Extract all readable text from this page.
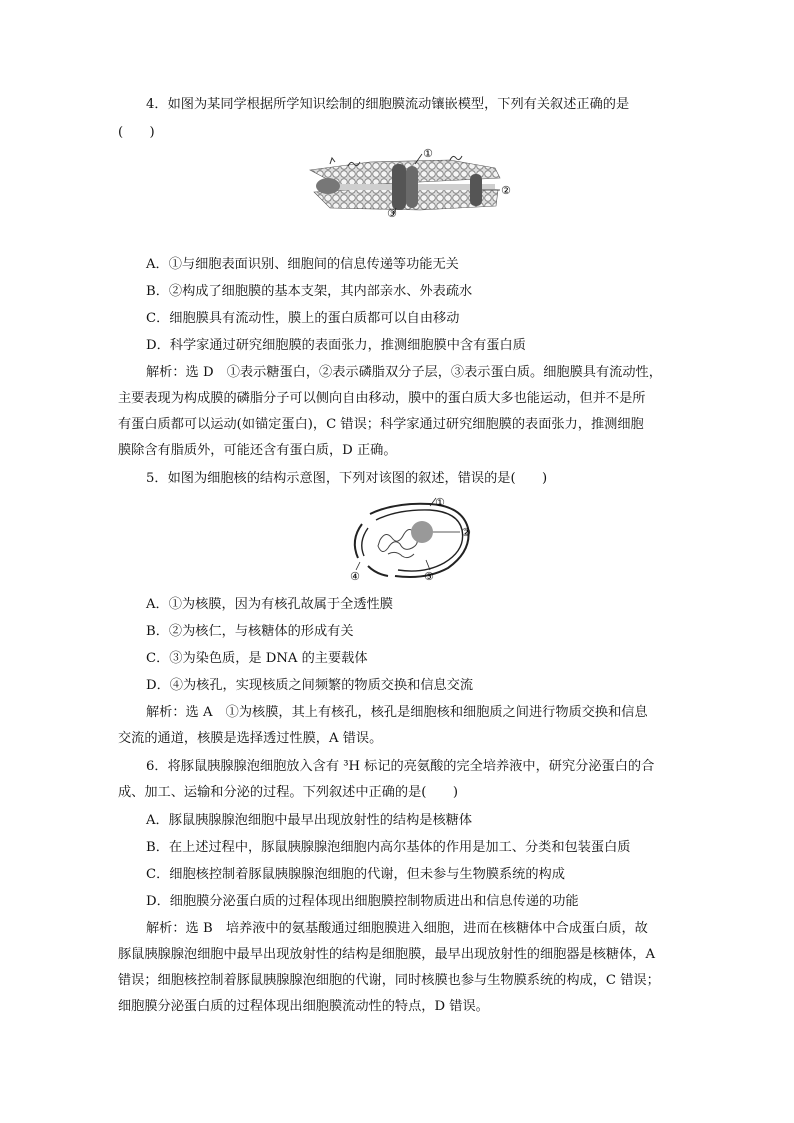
4．如图为某同学根据所学知识绘制的细胞膜流动镶嵌模型，下列有关叙述正确的是
(　　)
①
②
③
A．①与细胞表面识别、细胞间的信息传递等功能无关
B．②构成了细胞膜的基本支架，其内部亲水、外表疏水
C．细胞膜具有流动性，膜上的蛋白质都可以自由移动
D．科学家通过研究细胞膜的表面张力，推测细胞膜中含有蛋白质
解析：选 D　①表示糖蛋白，②表示磷脂双分子层，③表示蛋白质。细胞膜具有流动性，
主要表现为构成膜的磷脂分子可以侧向自由移动，膜中的蛋白质大多也能运动，但并不是所
有蛋白质都可以运动(如锚定蛋白)，C 错误；科学家通过研究细胞膜的表面张力，推测细胞
膜除含有脂质外，可能还含有蛋白质，D 正确。
5．如图为细胞核的结构示意图，下列对该图的叙述，错误的是(　　)
①
②
③
④
A．①为核膜，因为有核孔故属于全透性膜
B．②为核仁，与核糖体的形成有关
C．③为染色质，是 DNA 的主要载体
D．④为核孔，实现核质之间频繁的物质交换和信息交流
解析：选 A　①为核膜，其上有核孔，核孔是细胞核和细胞质之间进行物质交换和信息
交流的通道，核膜是选择透过性膜，A 错误。
6．将豚鼠胰腺腺泡细胞放入含有 ³H 标记的亮氨酸的完全培养液中，研究分泌蛋白的合
成、加工、运输和分泌的过程。下列叙述中正确的是(　　)
A．豚鼠胰腺腺泡细胞中最早出现放射性的结构是核糖体
B．在上述过程中，豚鼠胰腺腺泡细胞内高尔基体的作用是加工、分类和包装蛋白质
C．细胞核控制着豚鼠胰腺腺泡细胞的代谢，但未参与生物膜系统的构成
D．细胞膜分泌蛋白质的过程体现出细胞膜控制物质进出和信息传递的功能
解析：选 B　培养液中的氨基酸通过细胞膜进入细胞，进而在核糖体中合成蛋白质，故
豚鼠胰腺腺泡细胞中最早出现放射性的结构是细胞膜，最早出现放射性的细胞器是核糖体，A
错误；细胞核控制着豚鼠胰腺腺泡细胞的代谢，同时核膜也参与生物膜系统的构成，C 错误；
细胞膜分泌蛋白质的过程体现出细胞膜流动性的特点，D 错误。
